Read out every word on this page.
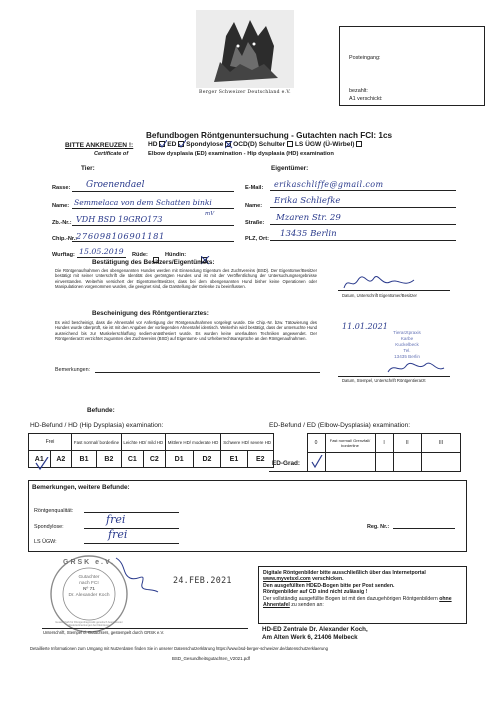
Berger Schweizer Deutschland e.V.
Posteingang:
bezahlt:
A1 verschickt:
Befundbogen Röntgenuntersuchung - Gutachten nach FCI: 1cs
BITTE ANKREUZEN !: HD ED Spondylose OCD(D) Schulter LS ÜGW (Ü-Wirbel)
Certificate of	Elbow dysplasia (ED) examination - Hip dysplasia (HD) examination
Tier:	Eigentümer:
Rasse: Groenendael
Name: Semmelaca von dem Schatten binki
Zb.-Nr.: VDH BSD 19GRO173
mV
Chip.-Nr.:
276098106901181
Wurftag: 15.05.2019 Rüde:
	Hündin:
E-Mail: erikaschliffe@gmail.com
Name: Erika Schliefke
Straße: Mzaren Str. 29
PLZ, Ort: 13435 Berlin
Bestätigung des Besitzers/Eigentümers:
Die Röntgenaufnahmen des obengenannten Hundes werden mit Einsendung Eigentum des Zuchtvereins (BSD). Der Eigentümer/Besitzer bestätigt mit seiner Unterschrift die Identität des geröntgten Hundes und ist mit der Veröffentlichung der Untersuchungsergebnisse einverstanden. Weiterhin versichert der Eigentümer/Besitzer, dass bei dem obengenannten Hund bisher keine Operationen oder Manipulationen vorgenommen wurden, die geeignet sind, die Darstellung der Gelenke zu beeinflussen.
Datum, Unterschrift Eigentümer/Besitzer
Bescheinigung des Röntgentierarztes:
Es wird bescheinigt, dass die Ahnentafel vor Anfertigung der Röntgenaufnahmen vorgelegt wurde. Die Chip.-Nr. bzw. Tätowierung des Hundes wurde überprüft, sie ist mit den Angaben der vorliegenden Ahnentafel identisch. Weiterhin wird bestätigt, dass der untersuchte Hund ausreichend bis zur Muskelerschlaffung sediert-anästhesiert wurde. Es wurden keine unerlaubten Techniken angewendet. Der Röntgentierarzt verzichtet zugunsten des Zuchtvereins (BSD) auf Eigentums- und Urheberrechtsansprüche an den Röntgenaufnahmen.
Bemerkungen:
11.01.2021
Tierarztpraxis
Karbe
Kuckelbeck
Tel.
13435 Berlin
Datum, Stempel, Unterschrift Röntgentierarzt
Befunde:
HD-Befund / HD (Hip Dysplasia) examination:	ED-Befund / ED (Elbow-Dysplasia) examination:
Frei		Fast normal/ borderline		Leichte HD/ mild HD		Mittlere HD/ moderate HD		Schwere HD/ severe HD	
A1	A2	B1	B2	C1	C2	D1	D2	E1	E2
ED-Grad:	0	Fast normal/ Grenzfall/ borderline	I	II	III

Bemerkungen, weitere Befunde:
Röntgenqualität:
Spondylose:
frei
LS ÜGW:
frei
Reg. Nr.:
GRSK e.V.
Gutachter
nach FCI
Nº 71
Dr. Alexander Koch
Gesellschaft für Röntgendiagnostik genetisch beeinflusster Skeletterkrankungen bei Kleintieren
24.FEB.2021
Unterschrift, Stempel d. Gutachters, gestempelt durch GRSK e.V.
Digitale Röntgenbilder bitte ausschließlich über das Internetportal www.myvetsxl.com verschicken.
Den ausgefüllten HDED-Bogen bitte per Post senden.
Röntgenbilder auf CD sind nicht zulässig !
Der vollständig ausgefüllte Bogen ist mit den dazugehörigen Röntgenbildern ohne Ahnentafel zu senden an:
HD-ED Zentrale Dr. Alexander Koch,
Am Alten Werk 6, 21406 Melbeck
Detaillierte Informationen zum Umgang mit Nutzerdaten finden Sie in unserer Datenschutzerklärung https://www.bsd-berger-schweizer.de/datenschutzerklaerung
BSD_Gesundheitsgutachten_V2021.pdf
